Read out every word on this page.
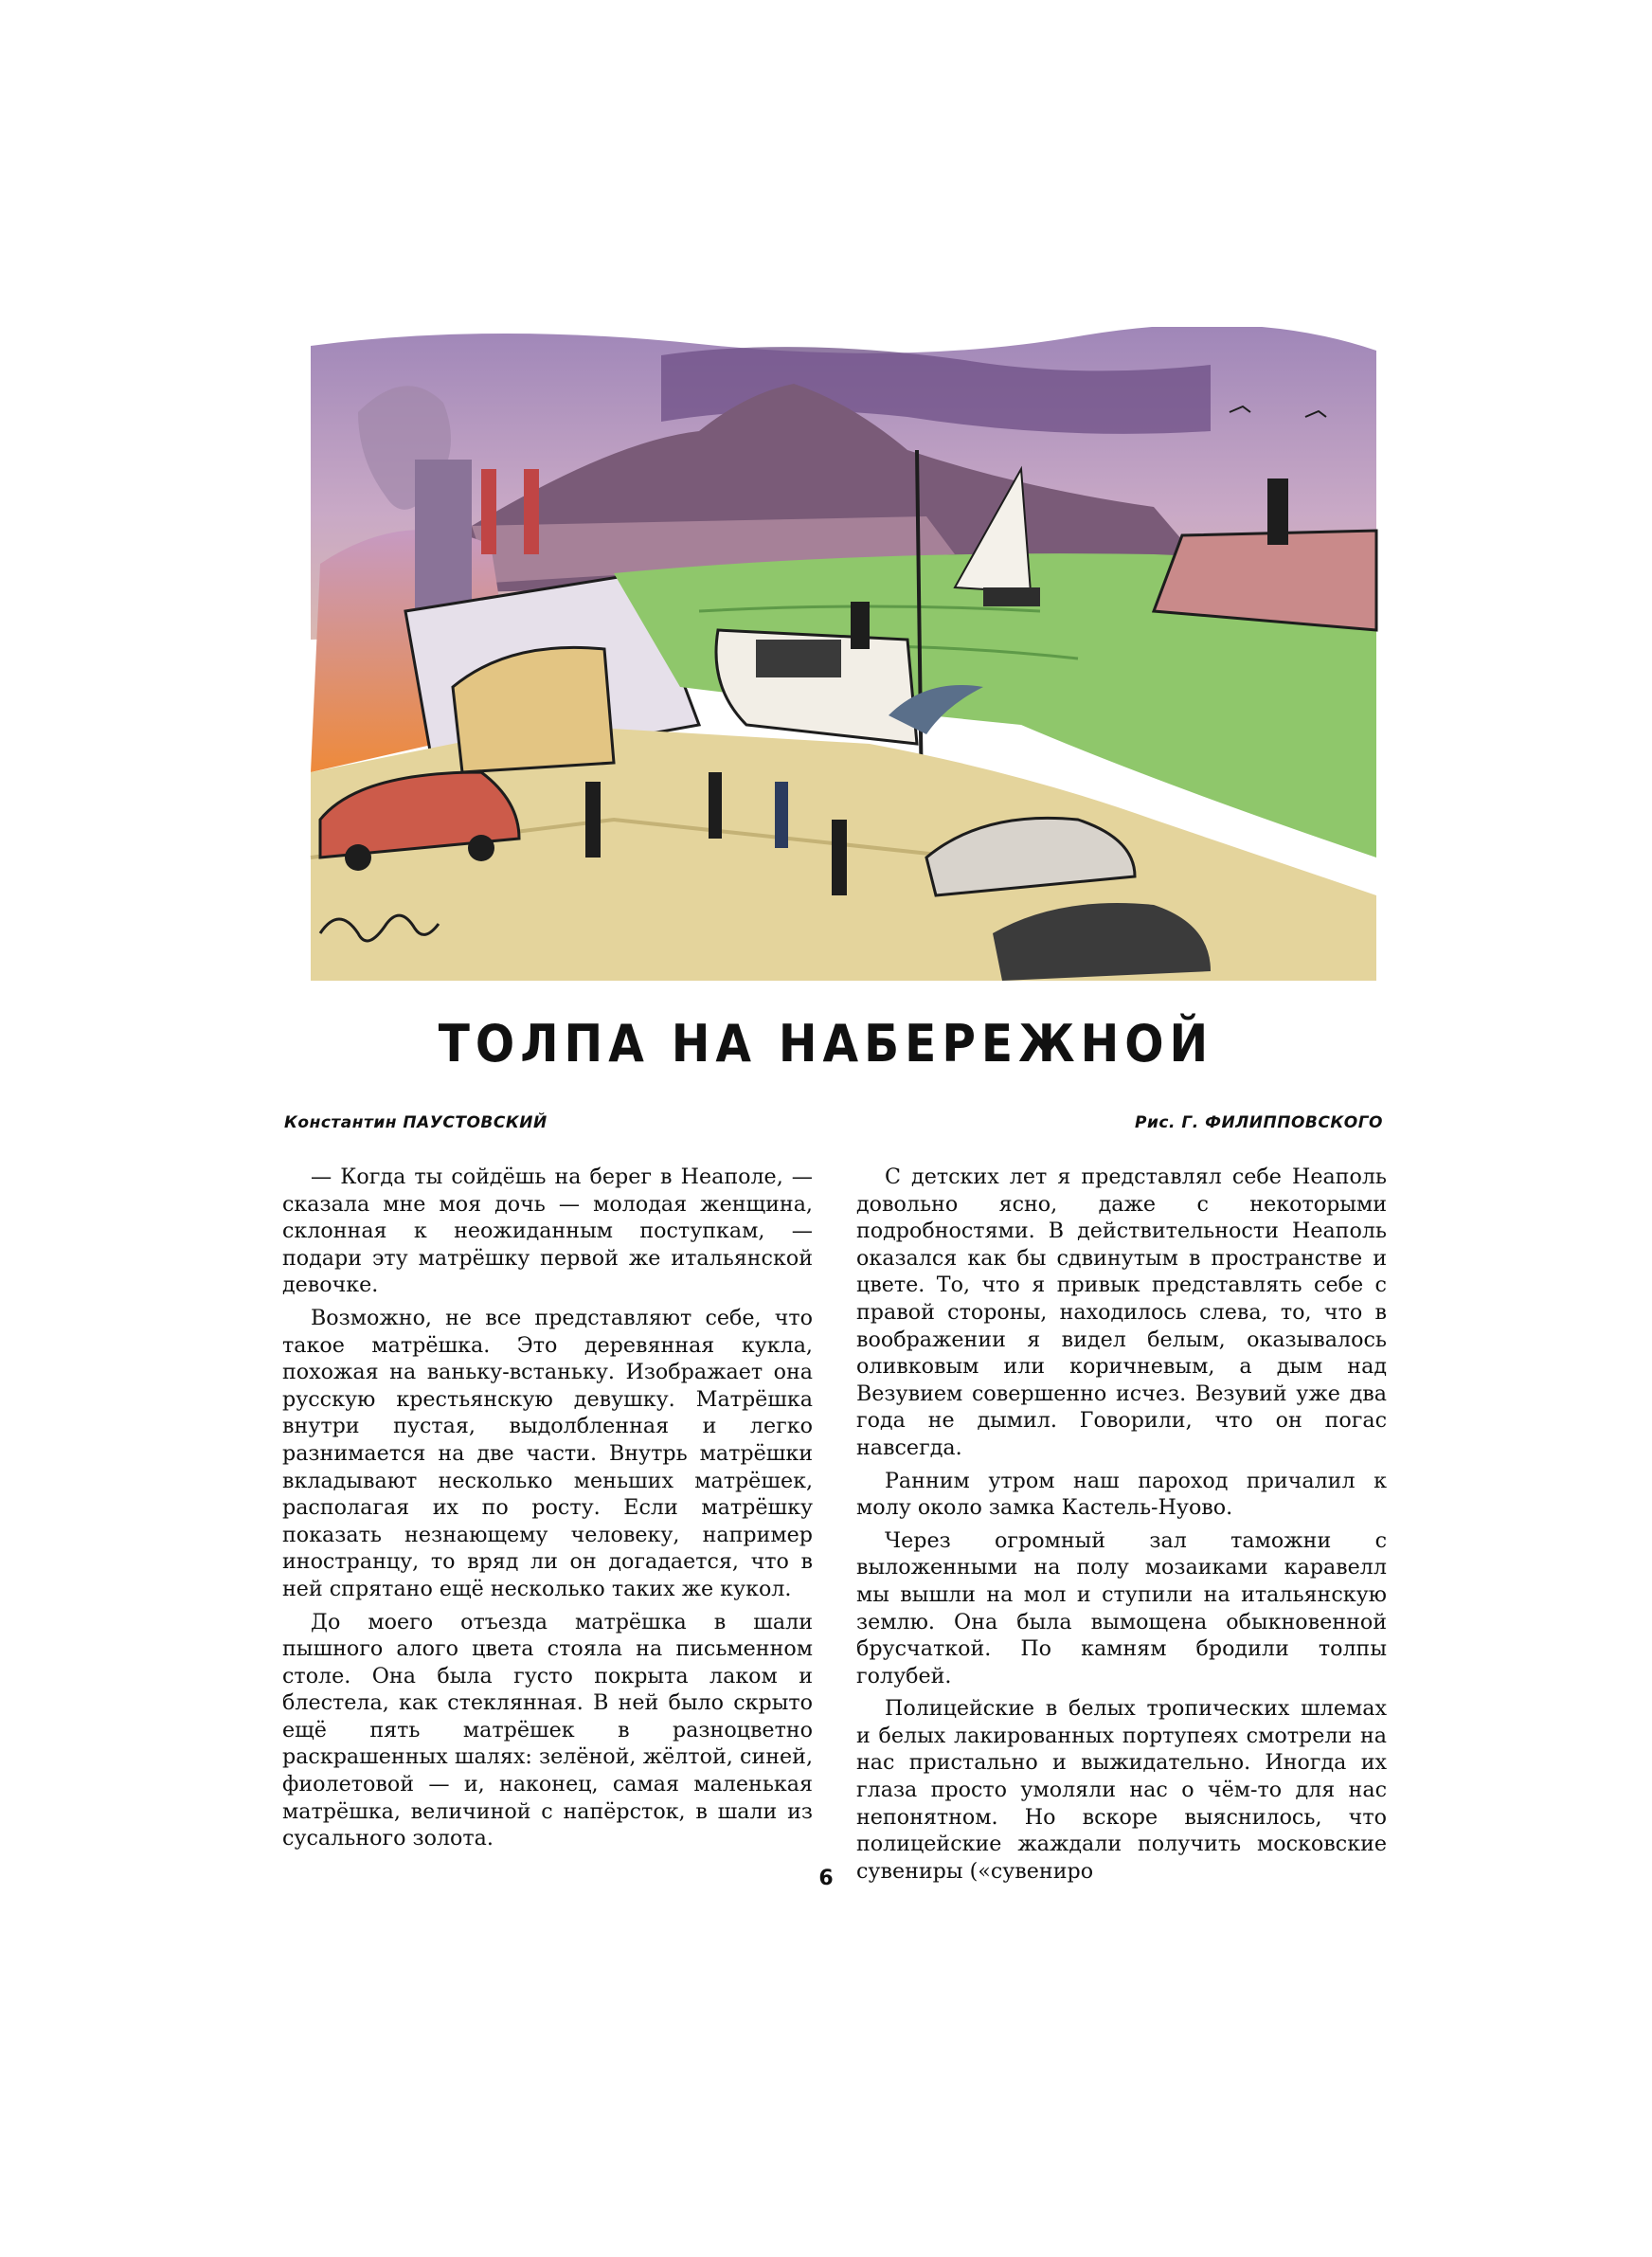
ТОЛПА НА НАБЕРЕЖНОЙ
Константин ПАУСТОВСКИЙ	Рис. Г. ФИЛИППОВСКОГО

— Когда ты сойдёшь на берег в Неаполе, — сказала мне моя дочь — молодая женщина, склонная к неожиданным поступкам, — подари эту матрёшку первой же итальянской девочке.

Возможно, не все представляют себе, что такое матрёшка. Это деревянная кукла, похожая на ваньку-встаньку. Изображает она русскую крестьянскую девушку. Матрёшка внутри пустая, выдолбленная и легко разнимается на две части. Внутрь матрёшки вкладывают несколько меньших матрёшек, располагая их по росту. Если матрёшку показать незнающему человеку, например иностранцу, то вряд ли он догадается, что в ней спрятано ещё несколько таких же кукол.

До моего отъезда матрёшка в шали пышного алого цвета стояла на письменном столе. Она была густо покрыта лаком и блестела, как стеклянная. В ней было скрыто ещё пять матрёшек в разноцветно раскрашенных шалях: зелёной, жёлтой, синей, фиолетовой — и, наконец, самая маленькая матрёшка, величиной с напёрсток, в шали из сусального золота.

С детских лет я представлял себе Неаполь довольно ясно, даже с некоторыми подробностями. В действительности Неаполь оказался как бы сдвинутым в пространстве и цвете. То, что я привык представлять себе с правой стороны, находилось слева, то, что в воображении я видел белым, оказывалось оливковым или коричневым, а дым над Везувием совершенно исчез. Везувий уже два года не дымил. Говорили, что он погас навсегда.

Ранним утром наш пароход причалил к молу около замка Кастель-Нуово.

Через огромный зал таможни с выложенными на полу мозаиками каравелл мы вышли на мол и ступили на итальянскую землю. Она была вымощена обыкновенной брусчаткой. По камням бродили толпы голубей.

Полицейские в белых тропических шлемах и белых лакированных портупеях смотрели на нас пристально и выжидательно. Иногда их глаза просто умоляли нас о чём-то для нас непонятном. Но вскоре выяснилось, что полицейские жаждали получить московские сувениры («сувениро

6
